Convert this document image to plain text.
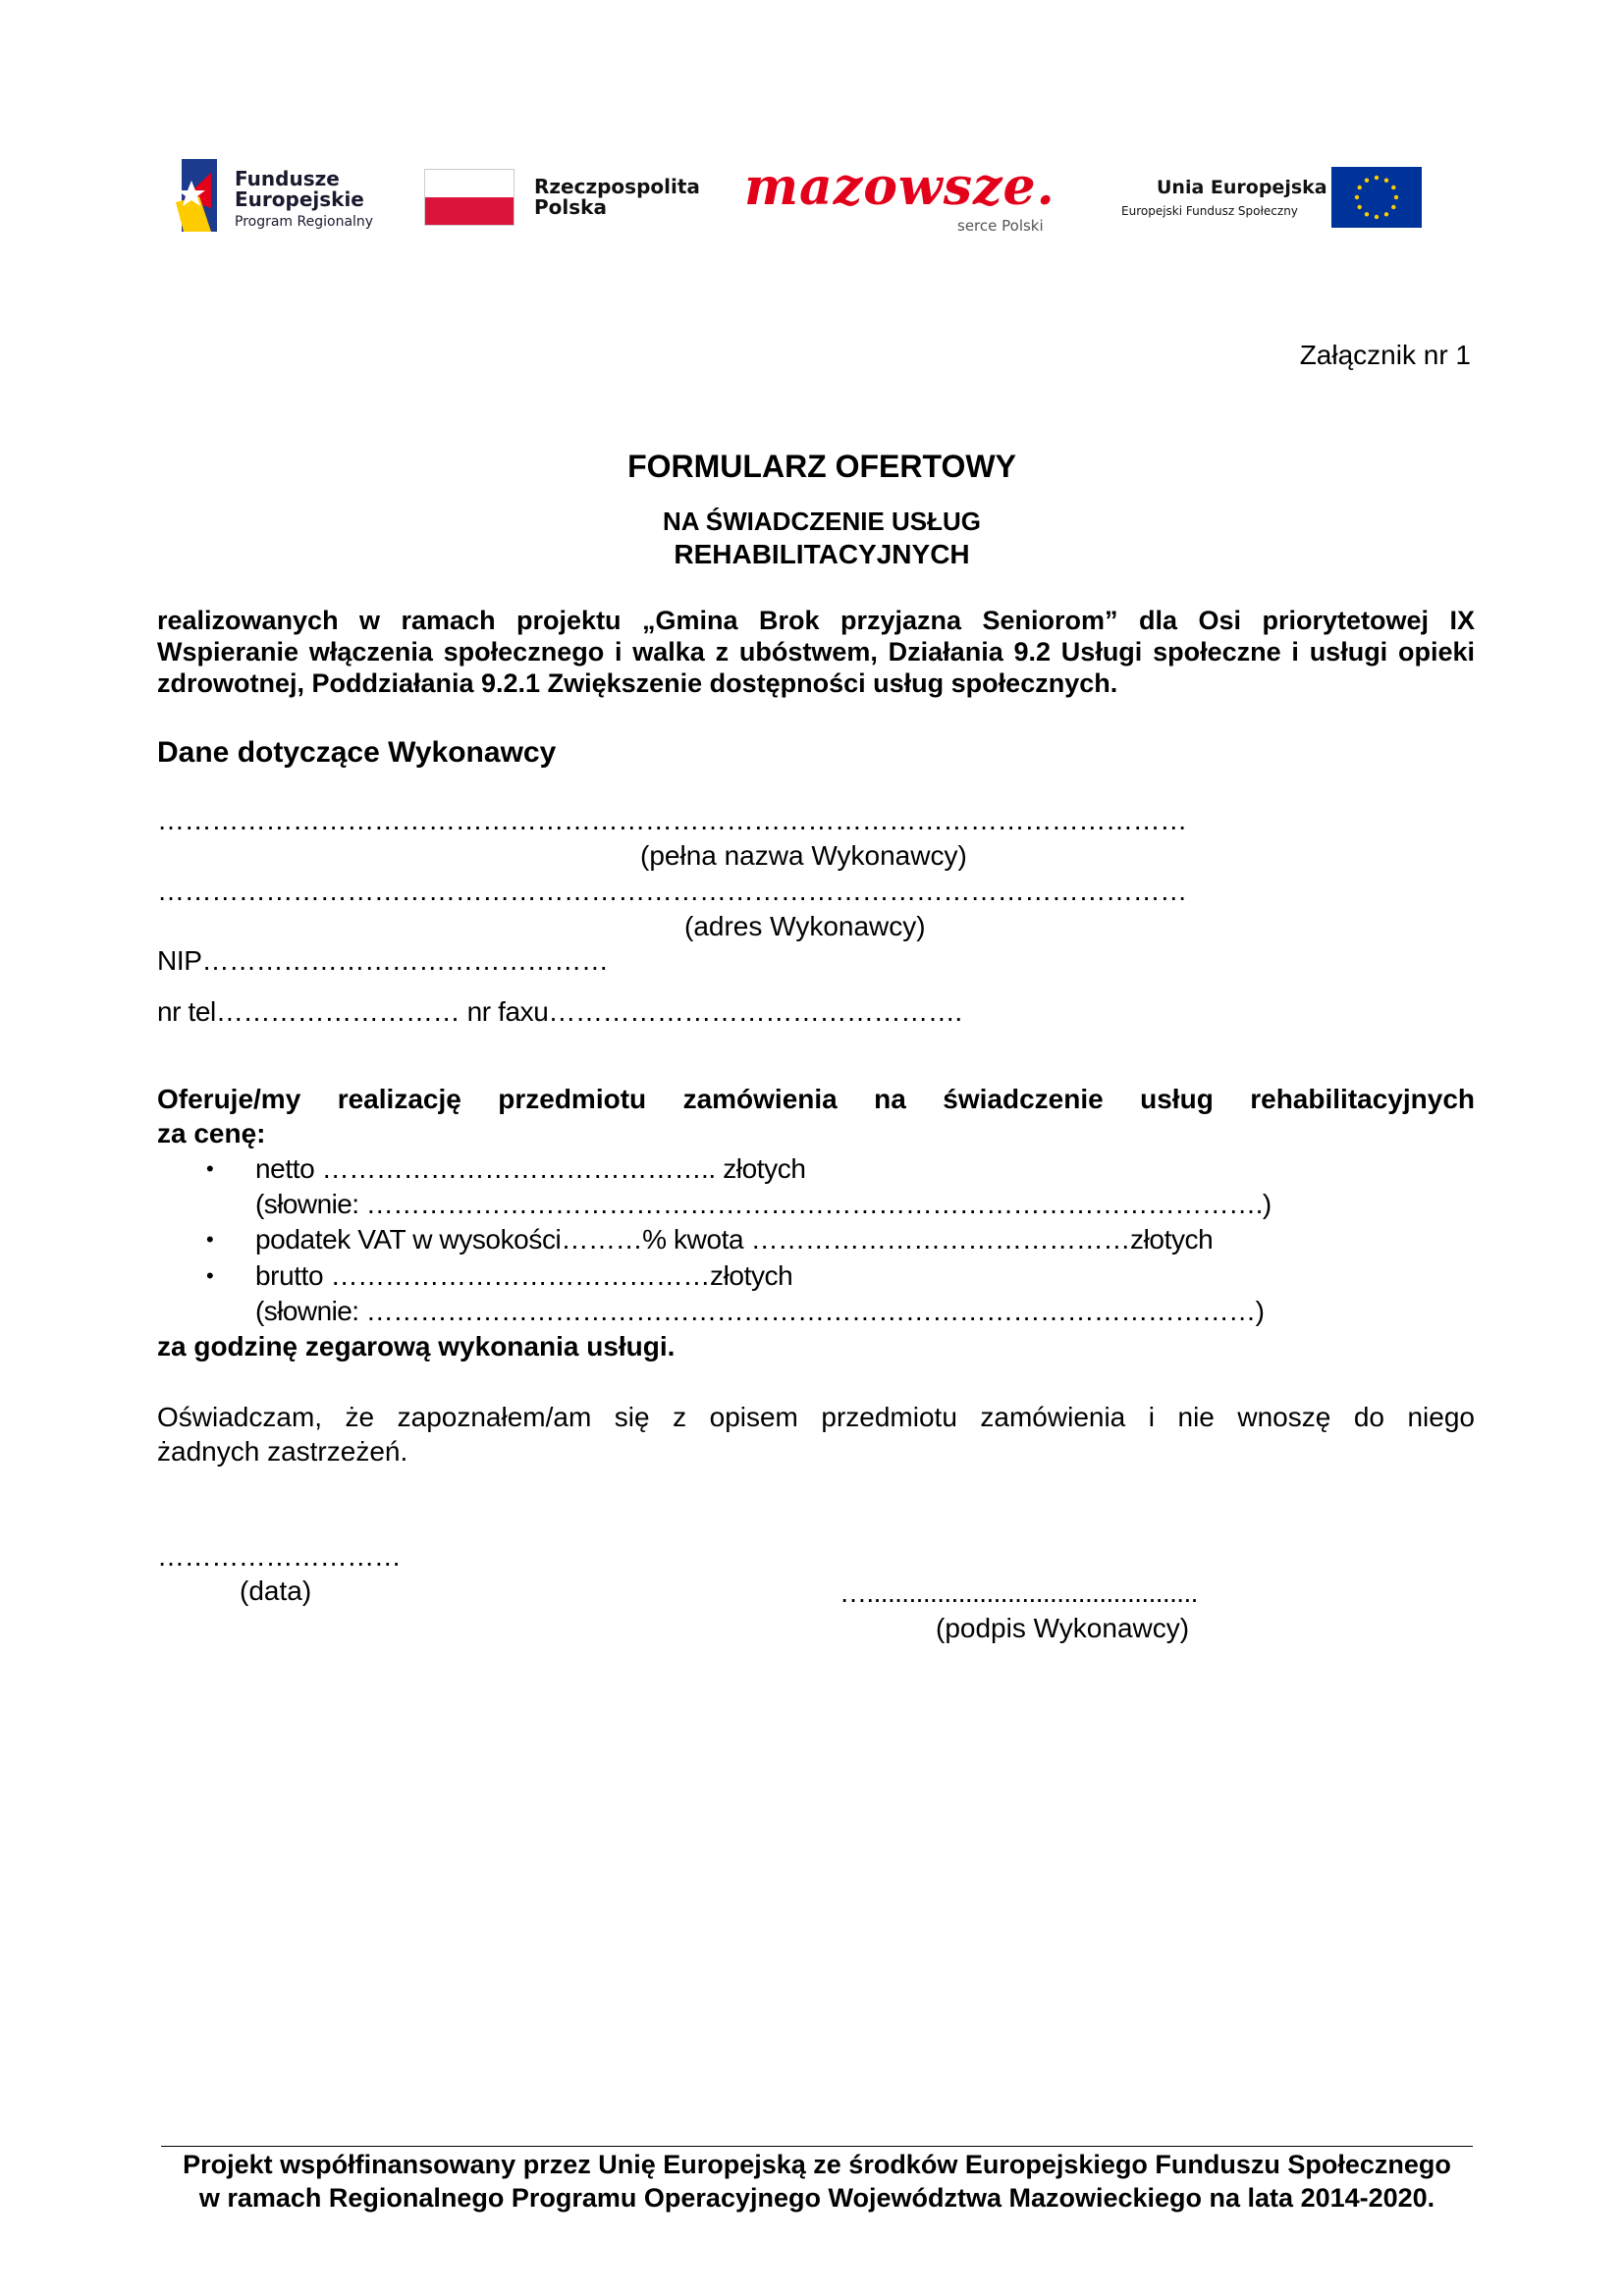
Fundusze
Europejskie
Program Regionalny
Rzeczpospolita
Polska	mazowsze.
serce Polski
Unia Europejska
Europejski Fundusz Społeczny
Załącznik nr 1
FORMULARZ OFERTOWY
NA ŚWIADCZENIE USŁUG
REHABILITACYJNYCH
realizowanych w ramach projektu „Gmina Brok przyjazna Seniorom” dla Osi priorytetowej IX
Wspieranie włączenia społecznego i walka z ubóstwem, Działania 9.2 Usługi społeczne i usługi opieki
zdrowotnej, Poddziałania 9.2.1 Zwiększenie dostępności usług społecznych.
Dane dotyczące Wykonawcy
……………………………………………………………………………………………………
(pełna nazwa Wykonawcy)
……………………………………………………………………………………………………
(adres Wykonawcy)
NIP………………………………………
nr tel……………………… nr faxu……………………………………….
Oferuje/my realizację przedmiotu zamówienia na świadczenie usług rehabilitacyjnych
za cenę:
• netto …………………………………….. złotych
(słownie: ……………………………………………………………………………………….)
• podatek VAT w wysokości………% kwota ……………………………………złotych
• brutto ……………………………………złotych
(słownie: ………………………………………………………………………………………)
za godzinę zegarową wykonania usługi.
Oświadczam, że zapoznałem/am się z opisem przedmiotu zamówienia i nie wnoszę do niego
żadnych zastrzeżeń.
………………………
(data)	…...............................................
(podpis Wykonawcy)
Projekt współfinansowany przez Unię Europejską ze środków Europejskiego Funduszu Społecznego
w ramach Regionalnego Programu Operacyjnego Województwa Mazowieckiego na lata 2014-2020.
